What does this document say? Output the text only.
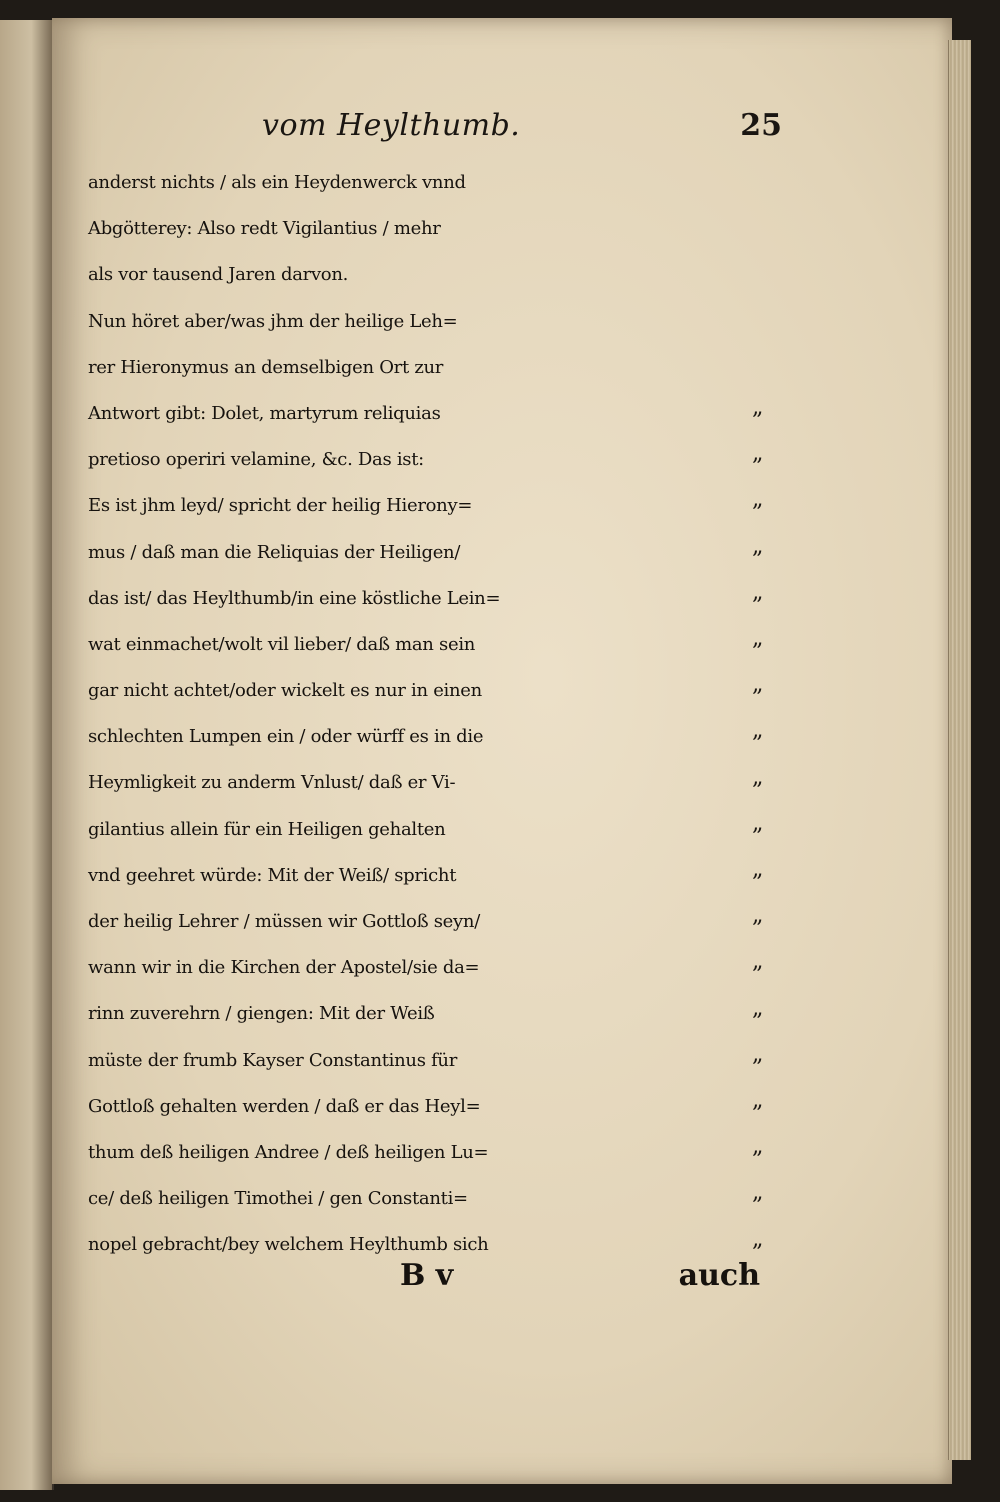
vom Heylthumb.	25
anderst nichts / als ein Heydenwerck vnnd
Abgötterey: Also redt Vigilantius / mehr
als vor tausend Jaren darvon.
Nun höret aber/was jhm der heilige Leh=
rer Hieronymus an demselbigen Ort zur
Antwort gibt: Dolet, martyrum reliquias
pretioso operiri velamine, &c. Das ist:
Es ist jhm leyd/ spricht der heilig Hierony=
mus / daß man die Reliquias der Heiligen/
das ist/ das Heylthumb/in eine köstliche Lein=
wat einmachet/wolt vil lieber/ daß man sein
gar nicht achtet/oder wickelt es nur in einen
schlechten Lumpen ein / oder würff es in die
Heymligkeit zu anderm Vnlust/ daß er Vi-
gilantius allein für ein Heiligen gehalten
vnd geehret würde: Mit der Weiß/ spricht
der heilig Lehrer / müssen wir Gottloß seyn/
wann wir in die Kirchen der Apostel/sie da=
rinn zuverehrn / giengen: Mit der Weiß
müste der frumb Kayser Constantinus für
Gottloß gehalten werden / daß er das Heyl=
thum deß heiligen Andree / deß heiligen Lu=
ce/ deß heiligen Timothei / gen Constanti=
nopel gebracht/bey welchem Heylthumb sich
B v	auch
„
„
„
„
„
„
„
„
„
„
„
„
„
„
„
„
„
„
„
